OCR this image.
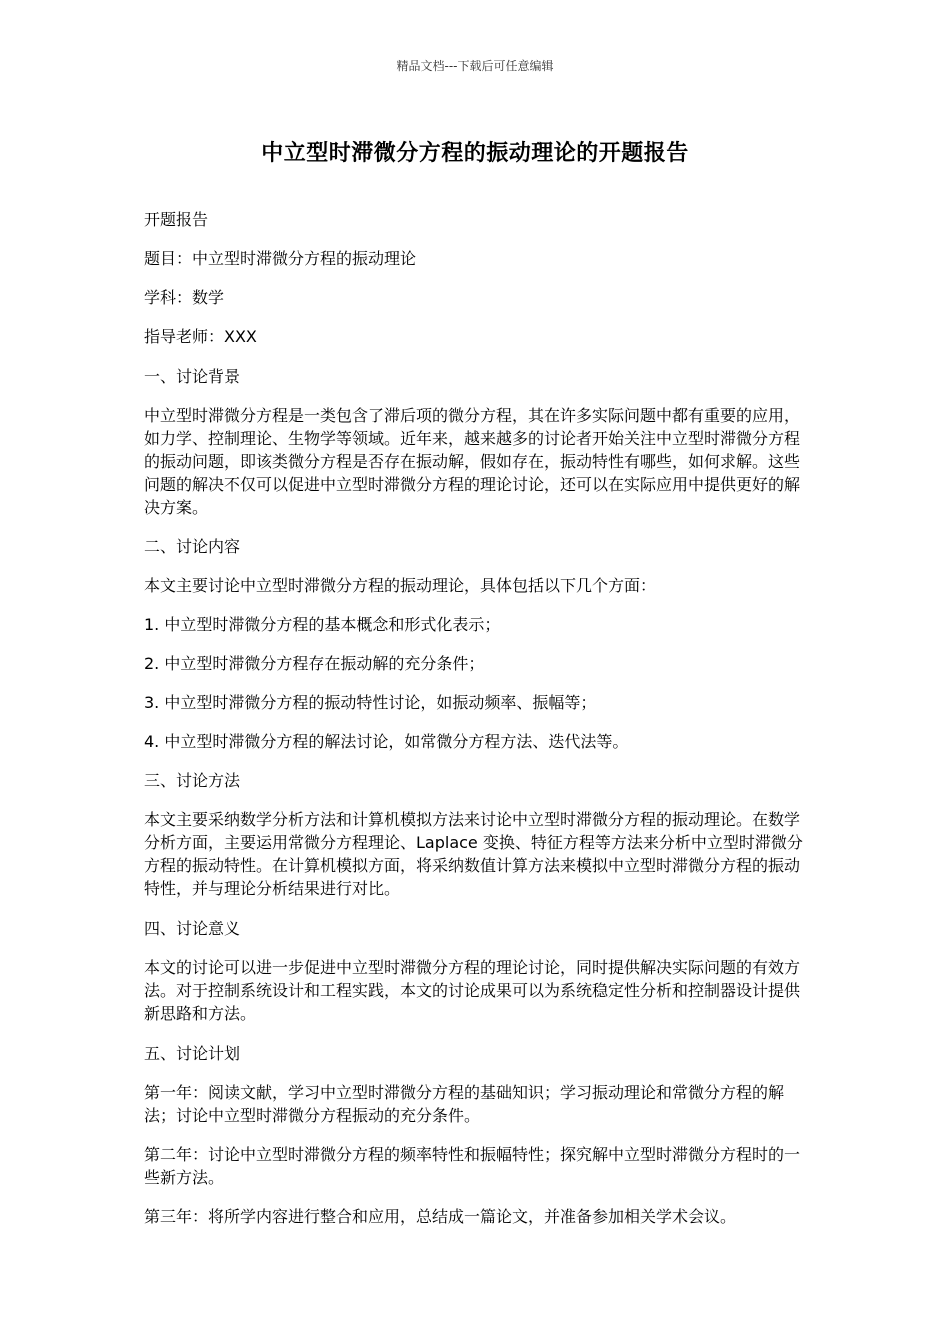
精品文档---下载后可任意编辑
中立型时滞微分方程的振动理论的开题报告

开题报告

题目：中立型时滞微分方程的振动理论

学科：数学

指导老师：XXX

一、讨论背景

中立型时滞微分方程是一类包含了滞后项的微分方程，其在许多实际问题中都有重要的应用，如力学、控制理论、生物学等领域。近年来，越来越多的讨论者开始关注中立型时滞微分方程的振动问题，即该类微分方程是否存在振动解，假如存在，振动特性有哪些，如何求解。这些问题的解决不仅可以促进中立型时滞微分方程的理论讨论，还可以在实际应用中提供更好的解决方案。

二、讨论内容

本文主要讨论中立型时滞微分方程的振动理论，具体包括以下几个方面：

1. 中立型时滞微分方程的基本概念和形式化表示；

2. 中立型时滞微分方程存在振动解的充分条件；

3. 中立型时滞微分方程的振动特性讨论，如振动频率、振幅等；

4. 中立型时滞微分方程的解法讨论，如常微分方程方法、迭代法等。

三、讨论方法

本文主要采纳数学分析方法和计算机模拟方法来讨论中立型时滞微分方程的振动理论。在数学分析方面，主要运用常微分方程理论、Laplace 变换、特征方程等方法来分析中立型时滞微分方程的振动特性。在计算机模拟方面，将采纳数值计算方法来模拟中立型时滞微分方程的振动特性，并与理论分析结果进行对比。

四、讨论意义

本文的讨论可以进一步促进中立型时滞微分方程的理论讨论，同时提供解决实际问题的有效方法。对于控制系统设计和工程实践，本文的讨论成果可以为系统稳定性分析和控制器设计提供新思路和方法。

五、讨论计划

第一年：阅读文献，学习中立型时滞微分方程的基础知识；学习振动理论和常微分方程的解法；讨论中立型时滞微分方程振动的充分条件。

第二年：讨论中立型时滞微分方程的频率特性和振幅特性；探究解中立型时滞微分方程时的一些新方法。

第三年：将所学内容进行整合和应用，总结成一篇论文，并准备参加相关学术会议。
